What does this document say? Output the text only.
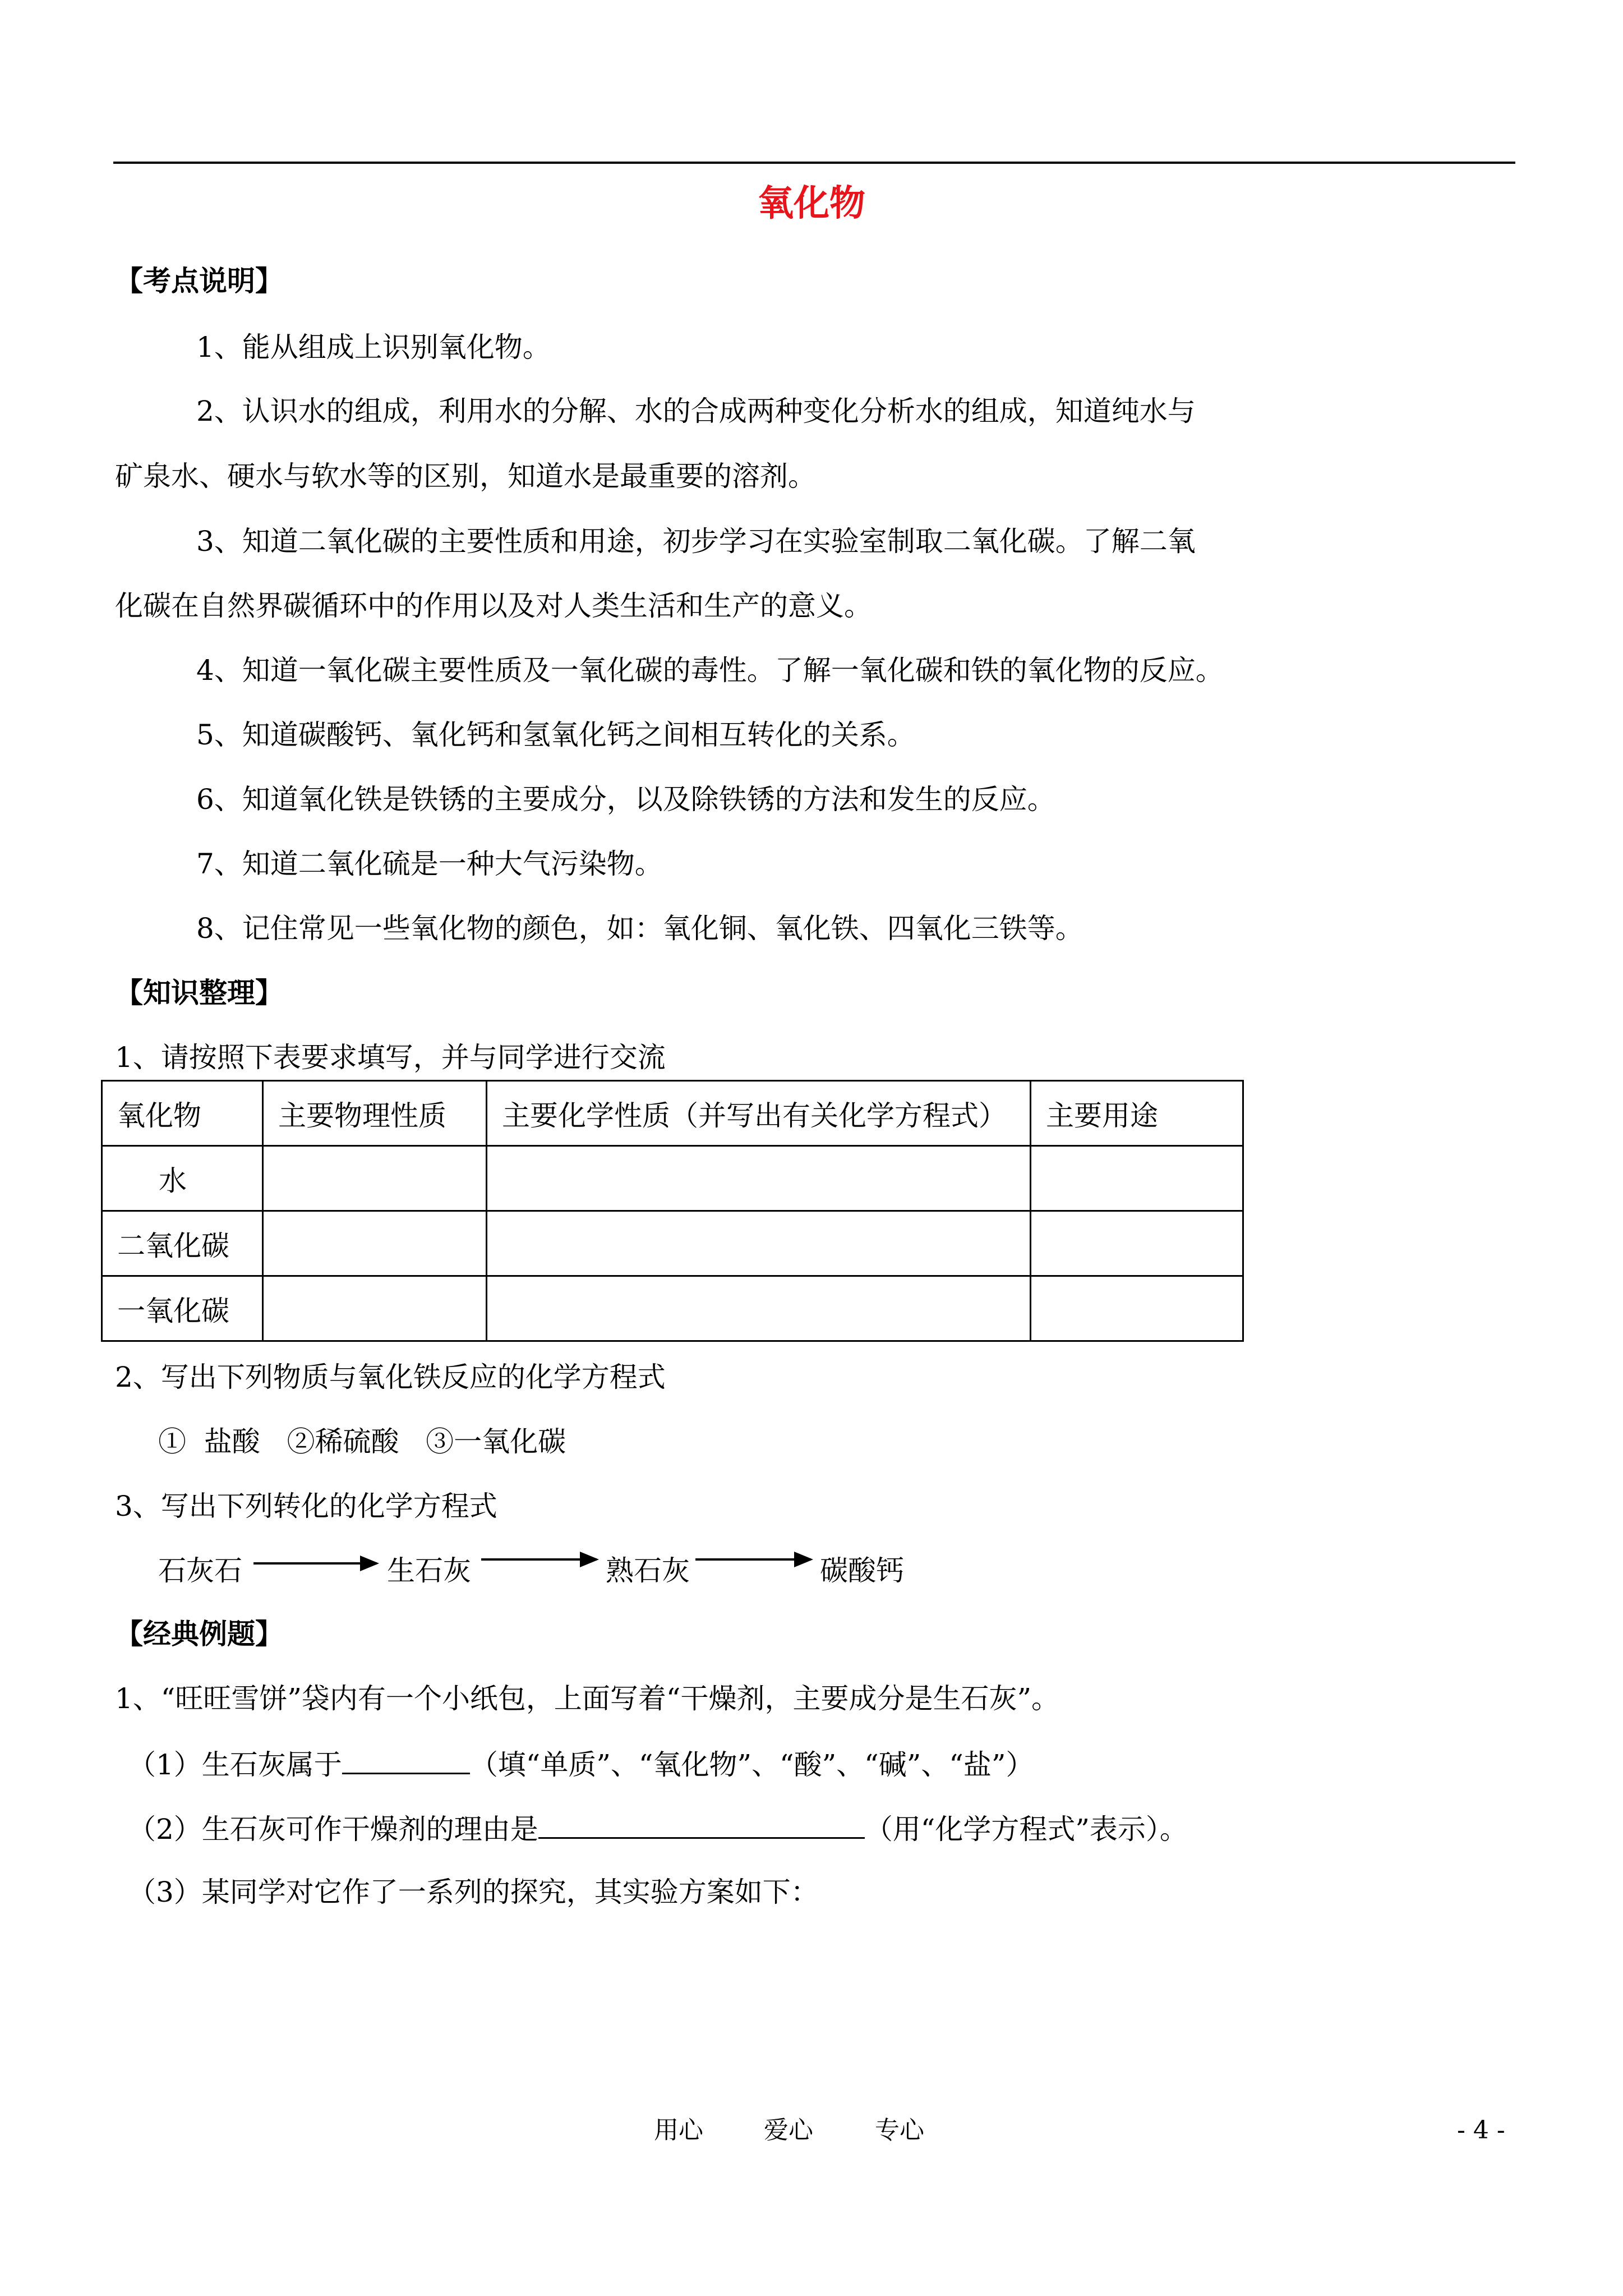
氧化物
【考点说明】
1、能从组成上识别氧化物。
2、认识水的组成，利用水的分解、水的合成两种变化分析水的组成，知道纯水与
矿泉水、硬水与软水等的区别，知道水是最重要的溶剂。
3、知道二氧化碳的主要性质和用途，初步学习在实验室制取二氧化碳。了解二氧
化碳在自然界碳循环中的作用以及对人类生活和生产的意义。
4、知道一氧化碳主要性质及一氧化碳的毒性。了解一氧化碳和铁的氧化物的反应。
5、知道碳酸钙、氧化钙和氢氧化钙之间相互转化的关系。
6、知道氧化铁是铁锈的主要成分，以及除铁锈的方法和发生的反应。
7、知道二氧化硫是一种大气污染物。
8、记住常见一些氧化物的颜色，如：氧化铜、氧化铁、四氧化三铁等。
【知识整理】
1、请按照下表要求填写，并与同学进行交流
氧化物	主要物理性质	主要化学性质（并写出有关化学方程式）	主要用途
水			
二氧化碳			
一氧化碳			
2、写出下列物质与氧化铁反应的化学方程式
①  盐酸   ②稀硫酸   ③一氧化碳
3、写出下列转化的化学方程式
石灰石	生石灰	熟石灰	碳酸钙
【经典例题】
1、“旺旺雪饼”袋内有一个小纸包，上面写着“干燥剂，主要成分是生石灰”。
（1）生石灰属于	（填“单质”、“氧化物”、“酸”、“碱”、“盐”）
（2）生石灰可作干燥剂的理由是	（用“化学方程式”表示）。
（3）某同学对它作了一系列的探究，其实验方案如下：
用心 爱心	专心	- 4 -
